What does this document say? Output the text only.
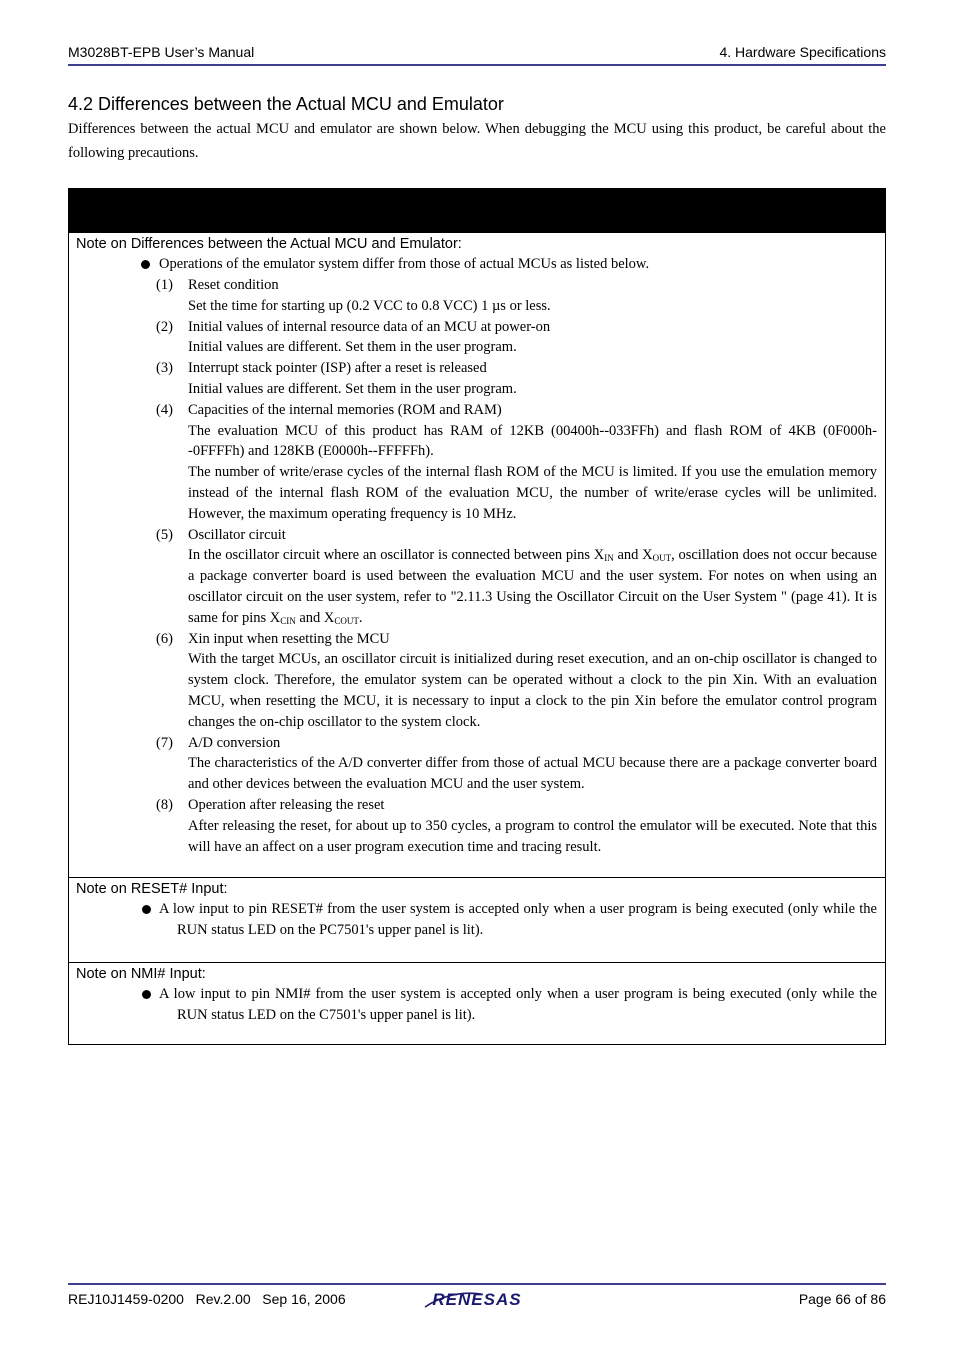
M3028BT-EPB User’s Manual	4. Hardware Specifications
4.2 Differences between the Actual MCU and Emulator
Differences between the actual MCU and emulator are shown below. When debugging the MCU using this product, be careful about the following precautions.
Note on Differences between the Actual MCU and Emulator:
Operations of the emulator system differ from those of actual MCUs as listed below.
(1)	Reset condition
Set the time for starting up (0.2 VCC to 0.8 VCC) 1 µs or less.
(2)	Initial values of internal resource data of an MCU at power-on
Initial values are different. Set them in the user program.
(3)	Interrupt stack pointer (ISP) after a reset is released
Initial values are different. Set them in the user program.
(4)	Capacities of the internal memories (ROM and RAM)
The evaluation MCU of this product has RAM of 12KB (00400h--033FFh) and flash ROM of 4KB (0F000h--0FFFFh) and 128KB (E0000h--FFFFFh).
The number of write/erase cycles of the internal flash ROM of the MCU is limited. If you use the emulation memory instead of the internal flash ROM of the evaluation MCU, the number of write/erase cycles will be unlimited. However, the maximum operating frequency is 10 MHz.
(5)	Oscillator circuit
In the oscillator circuit where an oscillator is connected between pins $X_{IN}$ and $X_{OUT}$, oscillation does not occur because a package converter board is used between the evaluation MCU and the user system. For notes on when using an oscillator circuit on the user system, refer to "2.11.3 Using the Oscillator Circuit on the User System " (page 41). It is same for pins $X_{CIN}$ and $X_{COUT}$.
(6)	Xin input when resetting the MCU
With the target MCUs, an oscillator circuit is initialized during reset execution, and an on-chip oscillator is changed to system clock. Therefore, the emulator system can be operated without a clock to the pin Xin. With an evaluation MCU, when resetting the MCU, it is necessary to input a clock to the pin Xin before the emulator control program changes the on-chip oscillator to the system clock.
(7)	A/D conversion
The characteristics of the A/D converter differ from those of actual MCU because there are a package converter board and other devices between the evaluation MCU and the user system.
(8)	Operation after releasing the reset
After releasing the reset, for about up to 350 cycles, a program to control the emulator will be executed. Note that this will have an affect on a user program execution time and tracing result.
Note on RESET# Input:
A low input to pin RESET# from the user system is accepted only when a user program is being executed (only while the RUN status LED on the PC7501's upper panel is lit).
Note on NMI# Input:
A low input to pin NMI# from the user system is accepted only when a user program is being executed (only while the RUN status LED on the C7501's upper panel is lit).
REJ10J1459-0200   Rev.2.00   Sep 16, 2006	RENESAS	Page 66 of 86
